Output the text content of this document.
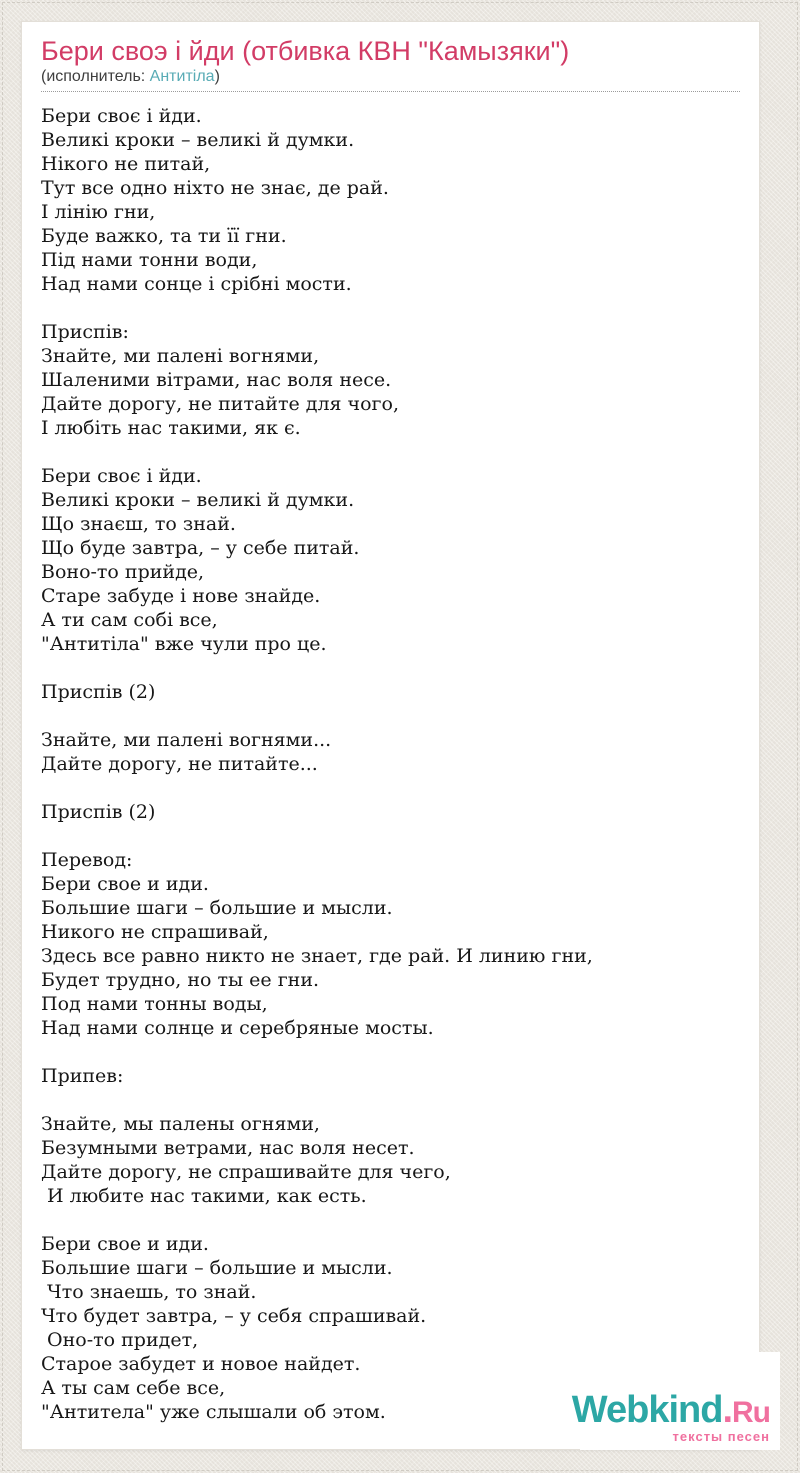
Бери своэ і йди (отбивка КВН "Камызяки")
(исполнитель: Антитіла)
Бери своє і йди.
Великі кроки – великі й думки.
Нікого не питай,
Тут все одно ніхто не знає, де рай.
І лінію гни,
Буде важко, та ти її гни.
Під нами тонни води,
Над нами сонце і срібні мости.

Приспів:
Знайте, ми палені вогнями,
Шаленими вітрами, нас воля несе.
Дайте дорогу, не питайте для чого,
І любіть нас такими, як є.

Бери своє і йди.
Великі кроки – великі й думки.
Що знаєш, то знай.
Що буде завтра, – у себе питай.
Воно-то прийде,
Старе забуде і нове знайде.
А ти сам собі все,
"Антитіла" вже чули про це.

Приспів (2)

Знайте, ми палені вогнями...
Дайте дорогу, не питайте...

Приспів (2)

Перевод:
Бери свое и иди.
Большие шаги – большие и мысли.
Никого не спрашивай,
Здесь все равно никто не знает, где рай. И линию гни,
Будет трудно, но ты ее гни.
Под нами тонны воды,
Над нами солнце и серебряные мосты.

Припев:

Знайте, мы палены огнями,
Безумными ветрами, нас воля несет.
Дайте дорогу, не спрашивайте для чего,
И любите нас такими, как есть.

Бери свое и иди.
Большие шаги – большие и мысли.
Что знаешь, то знай.
Что будет завтра, – у себя спрашивай.
Оно-то придет,
Старое забудет и новое найдет.
А ты сам себе все,
"Антитела" уже слышали об этом.	Webkind.Ru
тексты песен
